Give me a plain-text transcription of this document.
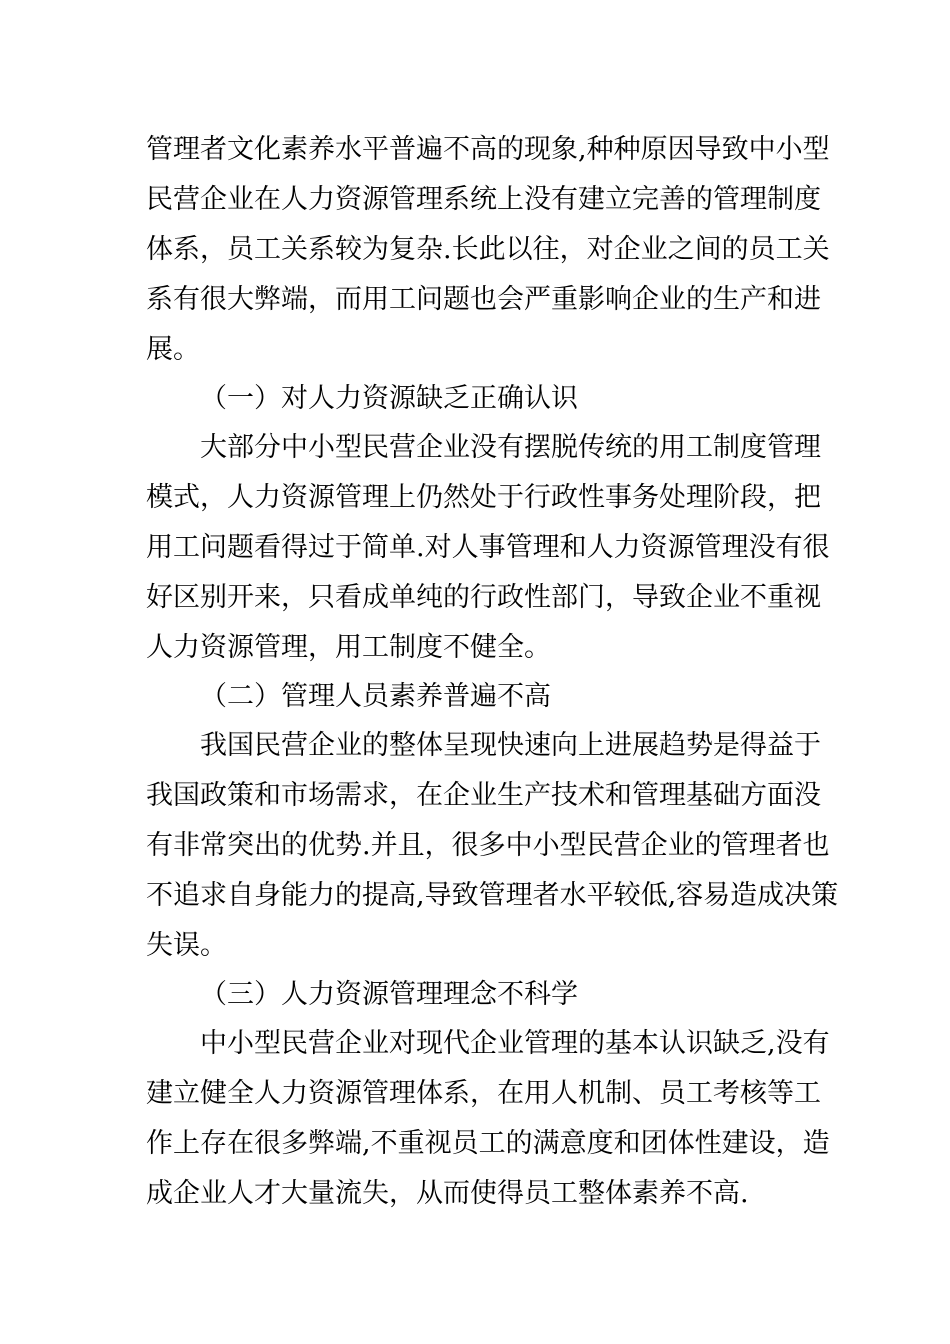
管理者文化素养水平普遍不高的现象,种种原因导致中小型
民营企业在人力资源管理系统上没有建立完善的管理制度
体系，员工关系较为复杂.长此以往，对企业之间的员工关
系有很大弊端，而用工问题也会严重影响企业的生产和进
展。
（一）对人力资源缺乏正确认识
大部分中小型民营企业没有摆脱传统的用工制度管理
模式，人力资源管理上仍然处于行政性事务处理阶段，把
用工问题看得过于简单.对人事管理和人力资源管理没有很
好区别开来，只看成单纯的行政性部门，导致企业不重视
人力资源管理，用工制度不健全。
（二）管理人员素养普遍不高
我国民营企业的整体呈现快速向上进展趋势是得益于
我国政策和市场需求，在企业生产技术和管理基础方面没
有非常突出的优势.并且，很多中小型民营企业的管理者也
不追求自身能力的提高,导致管理者水平较低,容易造成决策
失误。
（三）人力资源管理理念不科学
中小型民营企业对现代企业管理的基本认识缺乏,没有
建立健全人力资源管理体系，在用人机制、员工考核等工
作上存在很多弊端,不重视员工的满意度和团体性建设，造
成企业人才大量流失，从而使得员工整体素养不高.
